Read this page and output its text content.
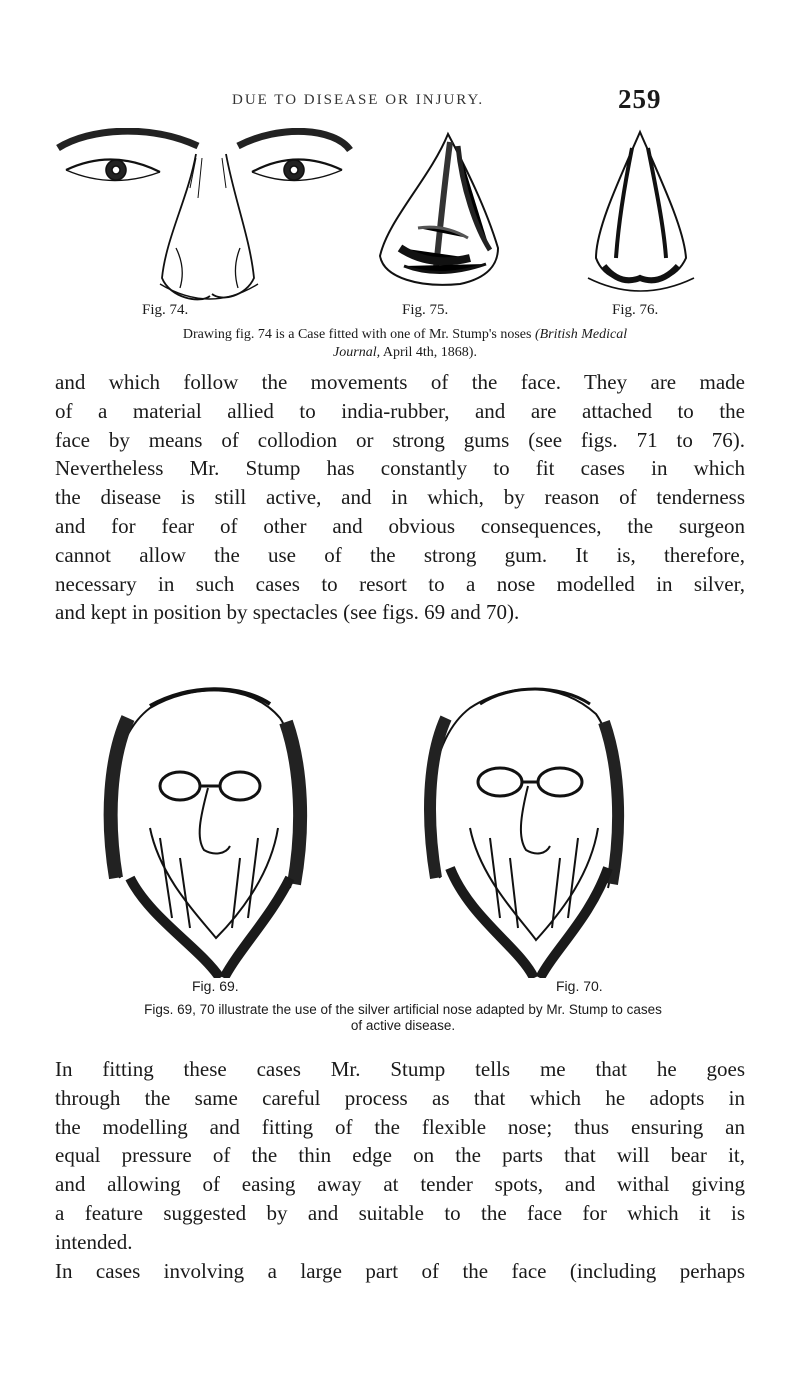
DUE TO DISEASE OR INJURY.	259
Fig. 74.	Fig. 75.	Fig. 76.
Drawing fig. 74 is a Case fitted with one of Mr. Stump's noses (British Medical
Journal, April 4th, 1868).
and which follow the movements of the face. They are made
of a material allied to india-rubber, and are attached to the
face by means of collodion or strong gums (see figs. 71 to 76).
Nevertheless Mr. Stump has constantly to fit cases in which
the disease is still active, and in which, by reason of tenderness
and for fear of other and obvious consequences, the surgeon
cannot allow the use of the strong gum. It is, therefore,
necessary in such cases to resort to a nose modelled in silver,
and kept in position by spectacles (see figs. 69 and 70).
Fig. 69.	Fig. 70.
Figs. 69, 70 illustrate the use of the silver artificial nose adapted by Mr. Stump to cases
of active disease.
In fitting these cases Mr. Stump tells me that he goes
through the same careful process as that which he adopts in
the modelling and fitting of the flexible nose; thus ensuring an
equal pressure of the thin edge on the parts that will bear it,
and allowing of easing away at tender spots, and withal giving
a feature suggested by and suitable to the face for which it is
intended.
In cases involving a large part of the face (including perhaps
